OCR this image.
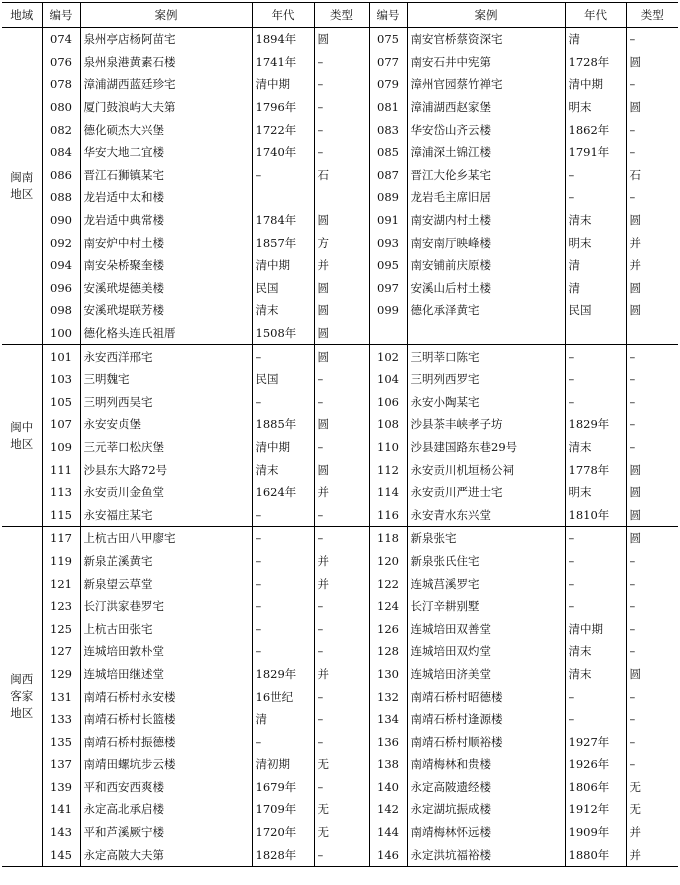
地域	编号	案例	年代	类型	编号	案例	年代	类型

闽南
地区	074	泉州亭店杨阿苗宅	1894年	圆	075	南安官桥蔡资深宅	清	–
	076	泉州泉港黄素石楼	1741年	–	077	南安石井中宪第	1728年	圆
	078	漳浦湖西蓝廷珍宅	清中期	–	079	漳州官园蔡竹禅宅	清中期	–
	080	厦门鼓浪屿大夫第	1796年	–	081	漳浦湖西赵家堡	明末	圆
	082	德化硕杰大兴堡	1722年	–	083	华安岱山齐云楼	1862年	–
	084	华安大地二宜楼	1740年	–	085	漳浦深土锦江楼	1791年	–
	086	晋江石狮镇某宅	–	石	087	晋江大伦乡某宅	–	石
	088	龙岩适中太和楼			089	龙岩毛主席旧居	–	–
	090	龙岩适中典常楼	1784年	圆	091	南安湖内村土楼	清末	圆
	092	南安炉中村土楼	1857年	方	093	南安南厅映峰楼	明末	并
	094	南安朵桥聚奎楼	清中期	并	095	南安铺前庆原楼	清	并
	096	安溪玳堤德美楼	民国	圆	097	安溪山后村土楼	清	圆
	098	安溪玳堤联芳楼	清末	圆	099	德化承泽黄宅	民国	圆
	100	德化格头连氏祖厝	1508年	圆				

闽中
地区	101	永安西洋邢宅	–	圆	102	三明莘口陈宅	–	–
	103	三明魏宅	民国	–	104	三明列西罗宅	–	–
	105	三明列西吴宅	–	–	106	永安小陶某宅	–	–
	107	永安安贞堡	1885年	圆	108	沙县茶丰峡孝子坊	1829年	–
	109	三元莘口松庆堡	清中期	–	110	沙县建国路东巷29号	清末	–
	111	沙县东大路72号	清末	圆	112	永安贡川机垣杨公祠	1778年	圆
	113	永安贡川金鱼堂	1624年	并	114	永安贡川严进士宅	明末	圆
	115	永安福庄某宅	–	–	116	永安青水东兴堂	1810年	圆

闽西
客家
地区	117	上杭古田八甲廖宅	–	–	118	新泉张宅	–	圆
	119	新泉芷溪黄宅	–	并	120	新泉张氏住宅	–	–
	121	新泉望云草堂	–	并	122	连城莒溪罗宅	–	–
	123	长汀洪家巷罗宅	–	–	124	长汀辛耕别墅	–	–
	125	上杭古田张宅	–	–	126	连城培田双善堂	清中期	–
	127	连城培田敦朴堂	–	–	128	连城培田双灼堂	清末	–
	129	连城培田继述堂	1829年	并	130	连城培田济美堂	清末	圆
	131	南靖石桥村永安楼	16世纪	–	132	南靖石桥村昭德楼	–	–
	133	南靖石桥村长篮楼	清	–	134	南靖石桥村逢源楼	–	–
	135	南靖石桥村振德楼	–	–	136	南靖石桥村顺裕楼	1927年	–
	137	南靖田螺坑步云楼	清初期	无	138	南靖梅林和贵楼	1926年	–
	139	平和西安西爽楼	1679年	–	140	永定高陂遗经楼	1806年	无
	141	永定高北承启楼	1709年	无	142	永定湖坑振成楼	1912年	无
	143	平和芦溪厥宁楼	1720年	无	144	南靖梅林怀远楼	1909年	并
	145	永定高陂大夫第	1828年	–	146	永定洪坑福裕楼	1880年	并
